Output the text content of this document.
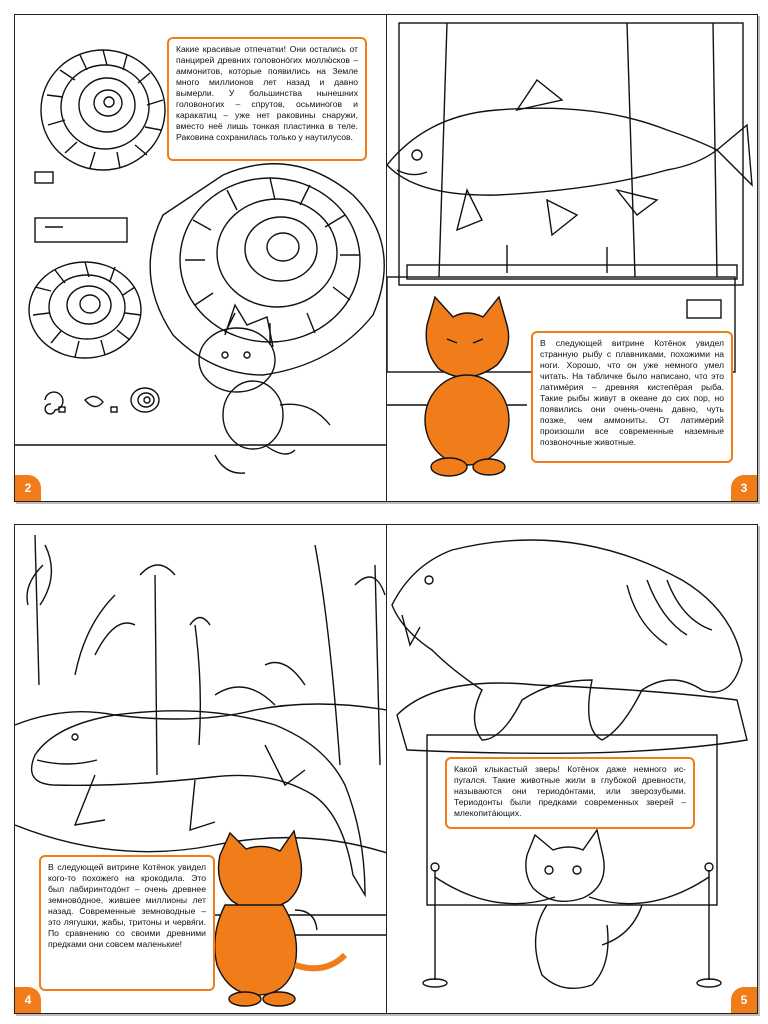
Какие красивые отпечатки! Они остались от панцирей древних головонóгих моллю́сков – аммонитов, которые появились на Земле много миллионов лет назад и давно вымерли. У большинства нынешних головоногих – спрутов, осьминогов и каракатиц – уже нет раковины снаружи, вместо неё лишь тонкая пластинка в теле. Раковина сохранилась только у наутилусов.
2
В следующей витрине Котёнок увидел странную рыбу с плавниками, похожими на ноги. Хорошо, что он уже немного умел читать. На табличке было написано, что это латимéрия – древняя кистепёрая рыба. Такие рыбы живут в океане до сих пор, но появились они очень-очень давно, чуть позже, чем аммониты. От латимерий произошли все современные наземные позвоночные животные.
3
В следующей витрине Котёнок увидел кого-то похожего на крокодила. Это был лабиринтодóнт – очень древнее земновóдное, жившее миллионы лет назад. Современные земноводные – это лягушки, жабы, тритоны и червя́ги. По сравнению со своими древними предками они совсем маленькие!
4
Какой клыкастый зверь! Котёнок даже немного испугался. Такие животные жили в глубокой древности, называются они териодóнтами, или зверозубыми. Териодонты были предками современных зверей – млекопитáющих.
5
